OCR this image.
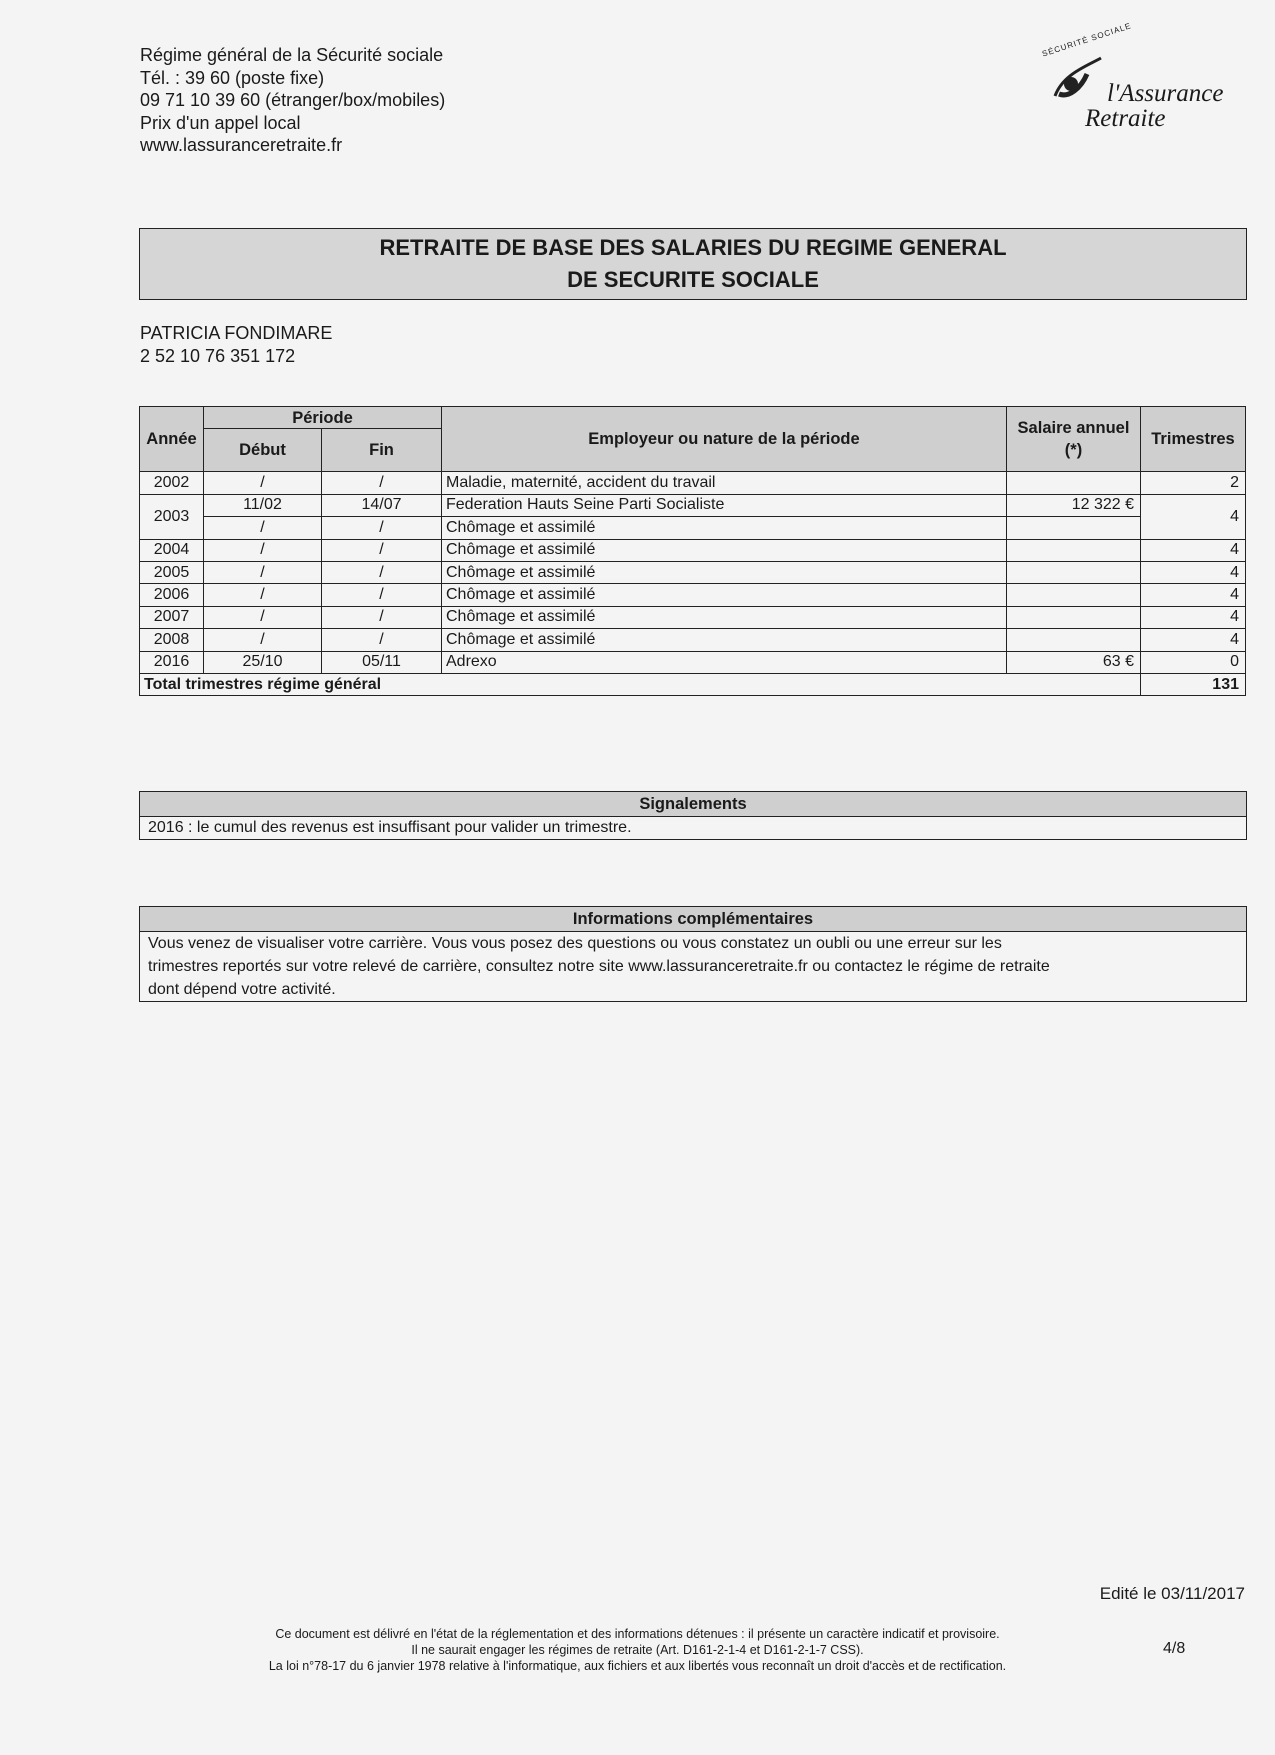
Régime général de la Sécurité sociale
Tél. : 39 60 (poste fixe)
09 71 10 39 60 (étranger/box/mobiles)
Prix d'un appel local
www.lassuranceretraite.fr
SÉCURITÉ SOCIALE
l'Assurance
Retraite
RETRAITE DE BASE DES SALARIES DU REGIME GENERAL
DE SECURITE SOCIALE
PATRICIA FONDIMARE
2 52 10 76 351 172
Année	Période		Employeur ou nature de la période	Salaire annuel (*)	Trimestres
	Début	Fin			
2002	/	/	Maladie, maternité, accident du travail		2
2003	11/02	14/07	Federation Hauts Seine Parti Socialiste	12 322 €	4
	/	/	Chômage et assimilé		
2004	/	/	Chômage et assimilé		4
2005	/	/	Chômage et assimilé		4
2006	/	/	Chômage et assimilé		4
2007	/	/	Chômage et assimilé		4
2008	/	/	Chômage et assimilé		4
2016	25/10	05/11	Adrexo	63 €	0
Total trimestres régime général					131
Signalements
2016 : le cumul des revenus est insuffisant pour valider un trimestre.
Informations complémentaires
Vous venez de visualiser votre carrière. Vous vous posez des questions ou vous constatez un oubli ou une erreur sur les
trimestres reportés sur votre relevé de carrière, consultez notre site www.lassuranceretraite.fr ou contactez le régime de retraite
dont dépend votre activité.
Edité le 03/11/2017
Ce document est délivré en l'état de la réglementation et des informations détenues : il présente un caractère indicatif et provisoire.
Il ne saurait engager les régimes de retraite (Art. D161-2-1-4 et D161-2-1-7 CSS).
La loi n°78-17 du 6 janvier 1978 relative à l'informatique, aux fichiers et aux libertés vous reconnaît un droit d'accès et de rectification.
4/8
